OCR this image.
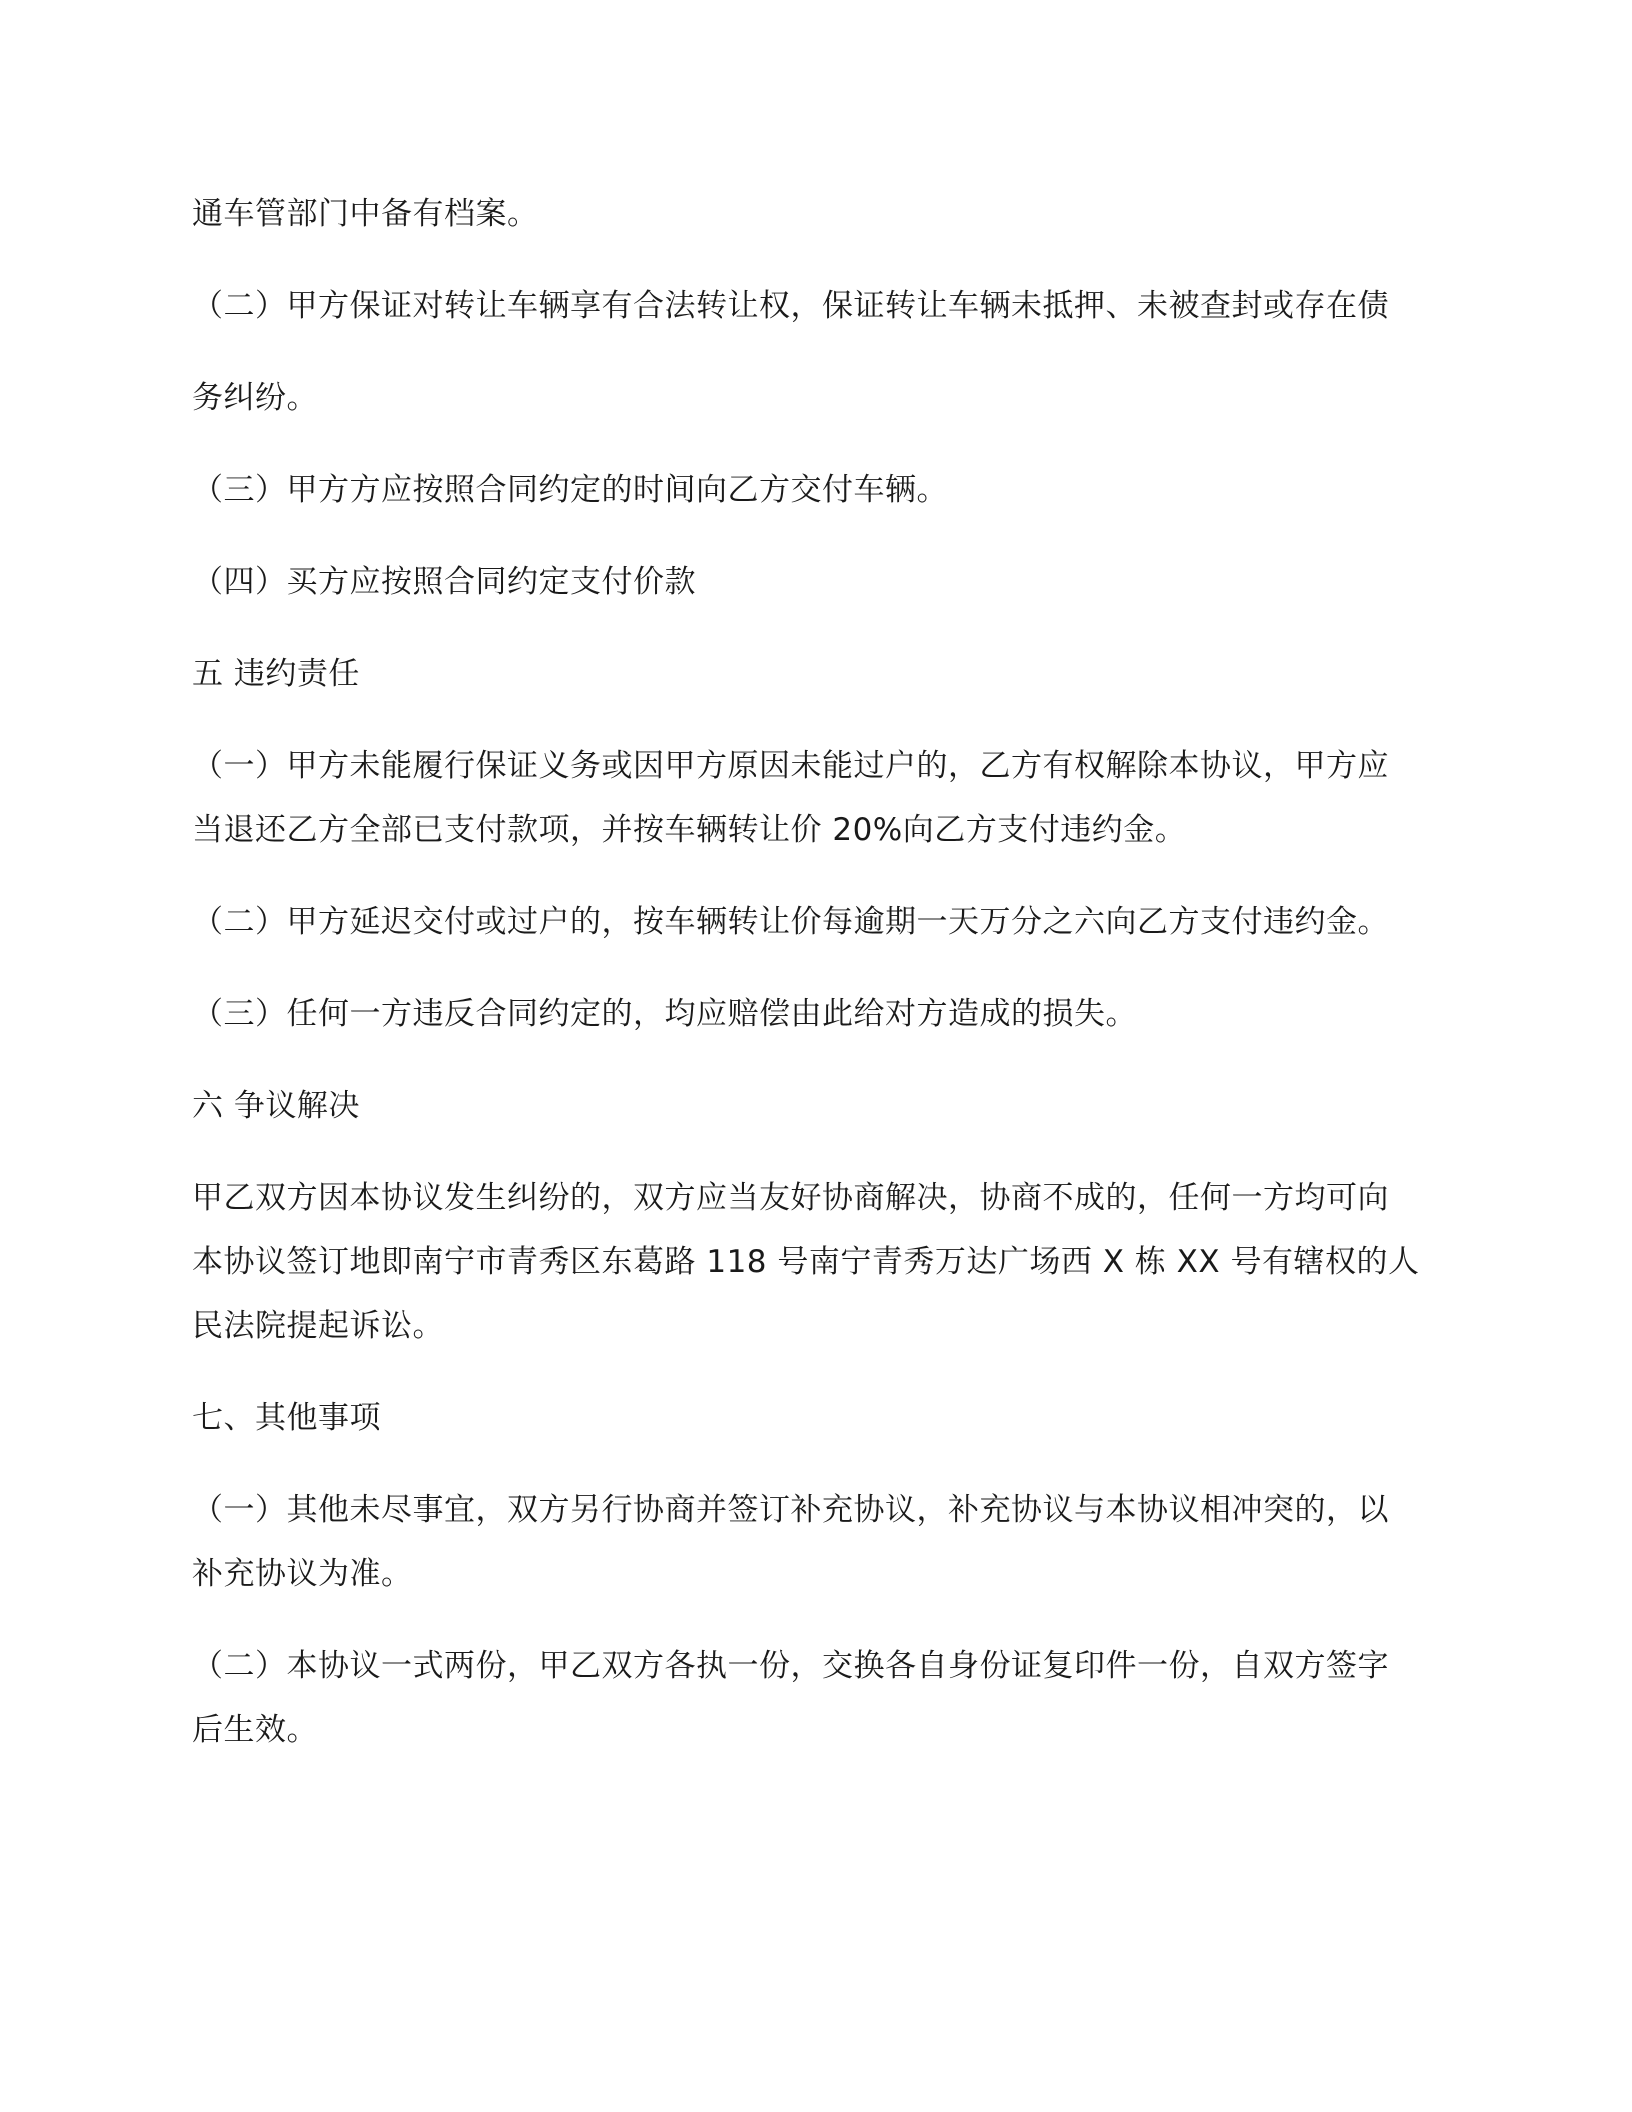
通车管部门中备有档案。
（二）甲方保证对转让车辆享有合法转让权，保证转让车辆未抵押、未被查封或存在债
务纠纷。
（三）甲方方应按照合同约定的时间向乙方交付车辆。
（四）买方应按照合同约定支付价款
五 违约责任
（一）甲方未能履行保证义务或因甲方原因未能过户的，乙方有权解除本协议，甲方应
当退还乙方全部已支付款项，并按车辆转让价 20%向乙方支付违约金。
（二）甲方延迟交付或过户的，按车辆转让价每逾期一天万分之六向乙方支付违约金。
（三）任何一方违反合同约定的，均应赔偿由此给对方造成的损失。
六 争议解决
甲乙双方因本协议发生纠纷的，双方应当友好协商解决，协商不成的，任何一方均可向
本协议签订地即南宁市青秀区东葛路 118 号南宁青秀万达广场西 X 栋 XX 号有辖权的人
民法院提起诉讼。
七、其他事项
（一）其他未尽事宜，双方另行协商并签订补充协议，补充协议与本协议相冲突的，以
补充协议为准。
（二）本协议一式两份，甲乙双方各执一份，交换各自身份证复印件一份，自双方签字
后生效。
